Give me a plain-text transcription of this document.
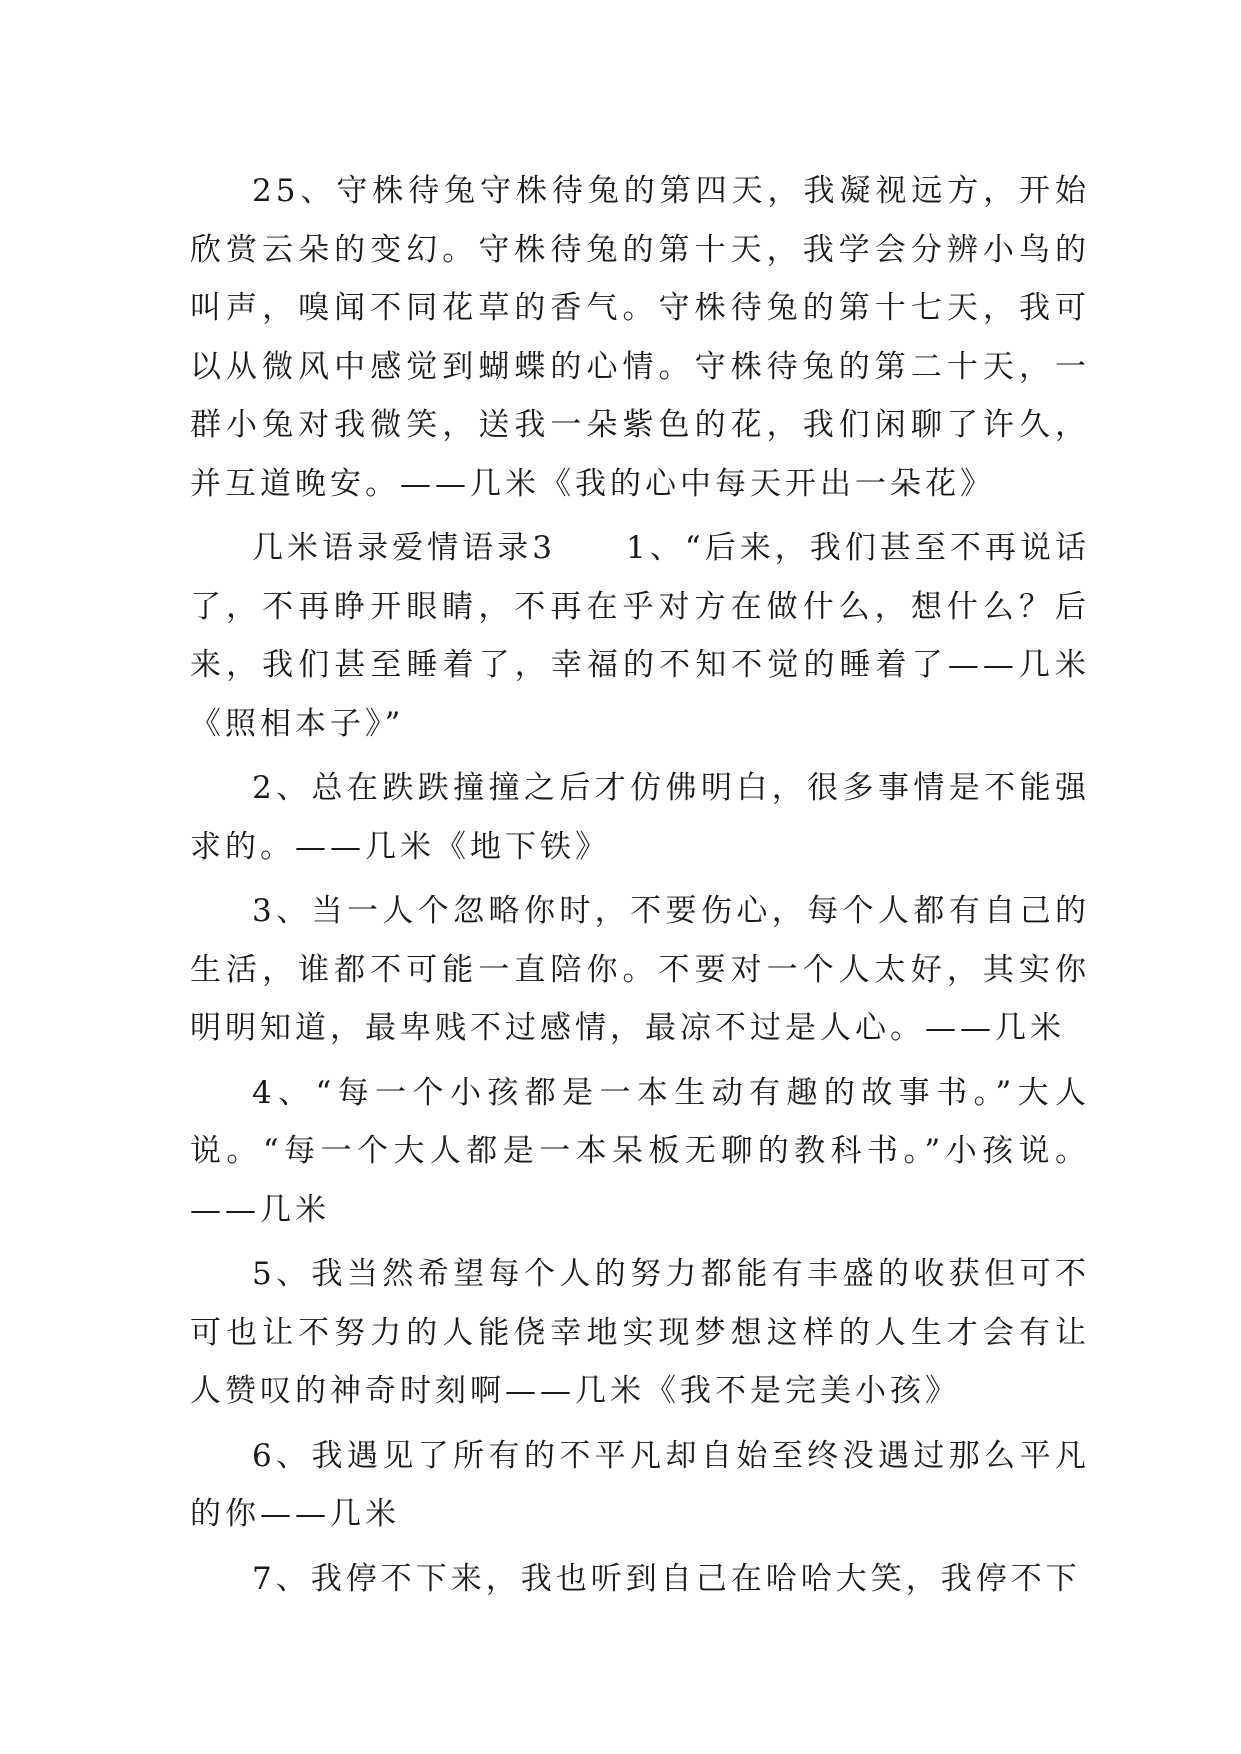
25、守株待兔守株待兔的第四天，我凝视远方，开始欣赏云朵的变幻。守株待兔的第十天，我学会分辨小鸟的叫声，嗅闻不同花草的香气。守株待兔的第十七天，我可以从微风中感觉到蝴蝶的心情。守株待兔的第二十天，一群小兔对我微笑，送我一朵紫色的花，我们闲聊了许久，并互道晚安。——几米《我的心中每天开出一朵花》

几米语录爱情语录3　　1、“后来，我们甚至不再说话了，不再睁开眼睛，不再在乎对方在做什么，想什么？后来，我们甚至睡着了，幸福的不知不觉的睡着了——几米《照相本子》”

2、总在跌跌撞撞之后才仿佛明白，很多事情是不能强求的。——几米《地下铁》

3、当一人个忽略你时，不要伤心，每个人都有自己的生活，谁都不可能一直陪你。不要对一个人太好，其实你明明知道，最卑贱不过感情，最凉不过是人心。——几米

4、“每一个小孩都是一本生动有趣的故事书。”大人说。“每一个大人都是一本呆板无聊的教科书。”小孩说。——几米

5、我当然希望每个人的努力都能有丰盛的收获但可不可也让不努力的人能侥幸地实现梦想这样的人生才会有让人赞叹的神奇时刻啊——几米《我不是完美小孩》

6、我遇见了所有的不平凡却自始至终没遇过那么平凡的你——几米

7、我停不下来，我也听到自己在哈哈大笑，我停不下
